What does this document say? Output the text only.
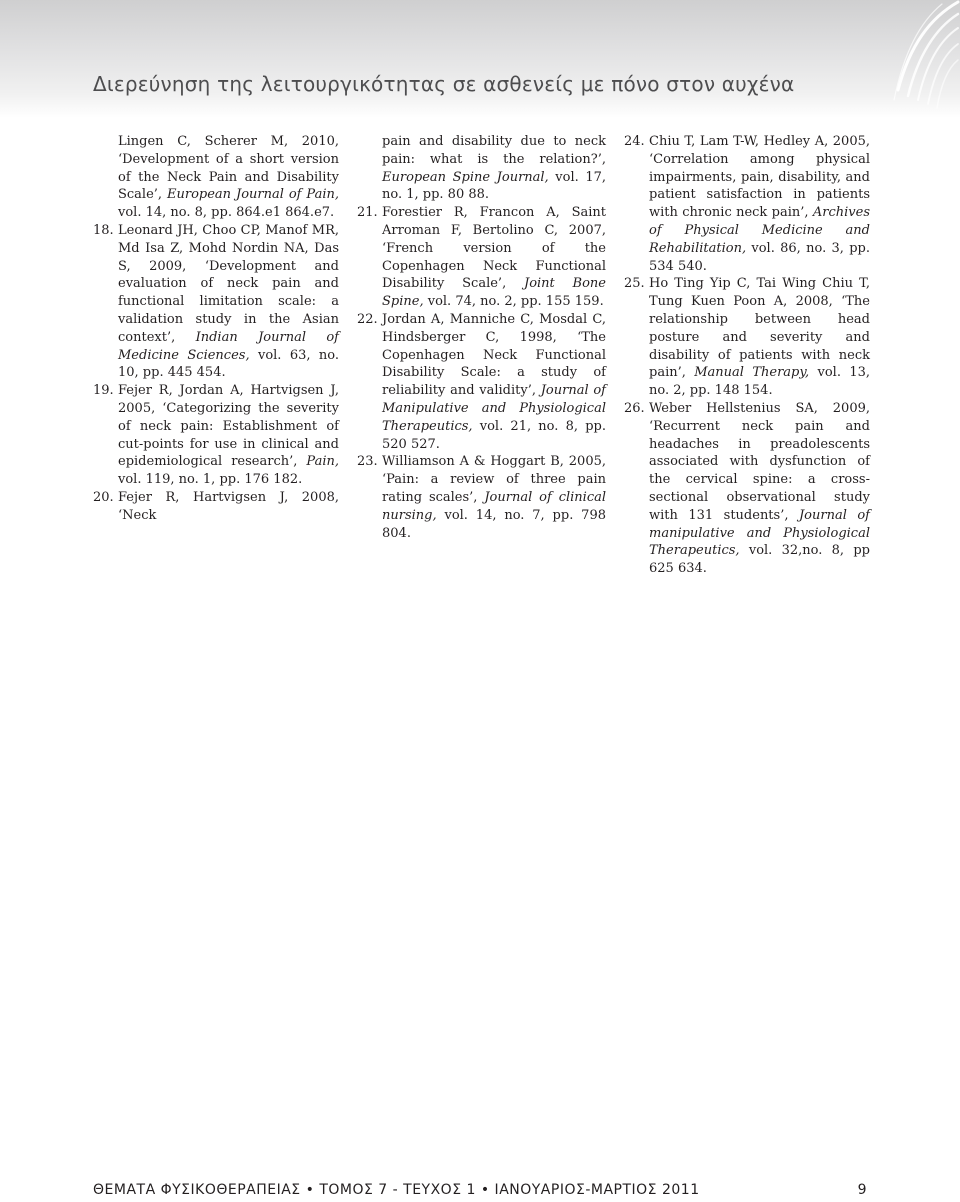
Διερεύνηση της λειτουργικότητας σε ασθενείς με πόνο στον αυχένα

Lingen C, Scherer M, 2010, ‘Development of a short version of the Neck Pain and Disability Scale’, European Journal of Pain, vol. 14, no. 8, pp. 864.e1 864.e7.

18. Leonard JH, Choo CP, Manof MR, Md Isa Z, Mohd Nordin NA, Das S, 2009, ‘Development and evaluation of neck pain and functional limitation scale: a validation study in the Asian context’, Indian Journal of Medicine Sciences, vol. 63, no. 10, pp. 445 454.

19. Fejer R, Jordan A, Hartvigsen J, 2005, ‘Categorizing the severity of neck pain: Establishment of cut-points for use in clinical and epidemiological research’, Pain, vol. 119, no. 1, pp. 176 182.

20. Fejer R, Hartvigsen J, 2008, ‘Neck

pain and disability due to neck pain: what is the relation?’, European Spine Journal, vol. 17, no. 1, pp. 80 88.

21. Forestier R, Francon A, Saint Arroman F, Bertolino C, 2007, ‘French version of the Copenhagen Neck Functional Disability Scale’, Joint Bone Spine, vol. 74, no. 2, pp. 155 159.

22. Jordan A, Manniche C, Mosdal C, Hindsberger C, 1998, ‘The Copenhagen Neck Functional Disability Scale: a study of reliability and validity’, Journal of Manipulative and Physiological Therapeutics, vol. 21, no. 8, pp. 520 527.

23. Williamson A & Hoggart B, 2005, ‘Pain: a review of three pain rating scales’, Journal of clinical nursing, vol. 14, no. 7, pp. 798 804.

24. Chiu T, Lam T-W, Hedley A, 2005, ‘Correlation among physical impairments, pain, disability, and patient satisfaction in patients with chronic neck pain’, Archives of Physical Medicine and Rehabilitation, vol. 86, no. 3, pp. 534 540.

25. Ho Ting Yip C, Tai Wing Chiu T, Tung Kuen Poon A, 2008, ‘The relationship between head posture and severity and disability of patients with neck pain’, Manual Therapy, vol. 13, no. 2, pp. 148 154.

26. Weber Hellstenius SA, 2009, ‘Recurrent neck pain and headaches in preadolescents associated with dysfunction of the cervical spine: a cross-sectional observational study with 131 students’, Journal of manipulative and Physiological Therapeutics, vol. 32,no. 8, pp 625 634.

ΘΕΜΑΤΑ ΦΥΣΙΚΟΘΕΡΑΠΕΙΑΣ • ΤΟΜΟΣ 7 - ΤΕΥΧΟΣ 1 • ΙΑΝΟΥΑΡΙΟΣ-ΜΑΡΤΙΟΣ 2011	9
